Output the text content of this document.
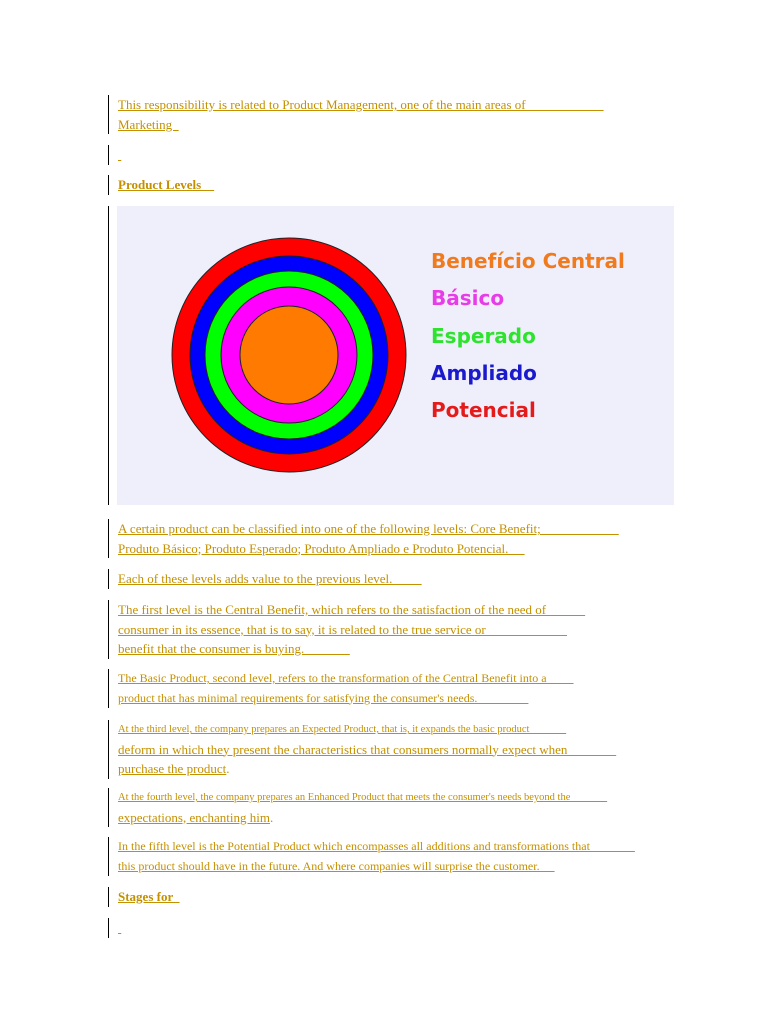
This responsibility is related to Product Management, one of the main areas of
Marketing

Product Levels
Benefício Central
Básico
Esperado
Ampliado
Potencial
A certain product can be classified into one of the following levels: Core Benefit;
Produto Básico; Produto Esperado; Produto Ampliado e Produto Potencial.
Each of these levels adds value to the previous level.
The first level is the Central Benefit, which refers to the satisfaction of the need of
consumer in its essence, that is to say, it is related to the true service or
benefit that the consumer is buying.
The Basic Product, second level, refers to the transformation of the Central Benefit into a
product that has minimal requirements for satisfying the consumer's needs.
At the third level, the company prepares an Expected Product, that is, it expands the basic product
deform in which they present the characteristics that consumers normally expect when
purchase the product.
At the fourth level, the company prepares an Enhanced Product that meets the consumer's needs beyond the
expectations, enchanting him.
In the fifth level is the Potential Product which encompasses all additions and transformations that
this product should have in the future. And where companies will surprise the customer.
Stages for
